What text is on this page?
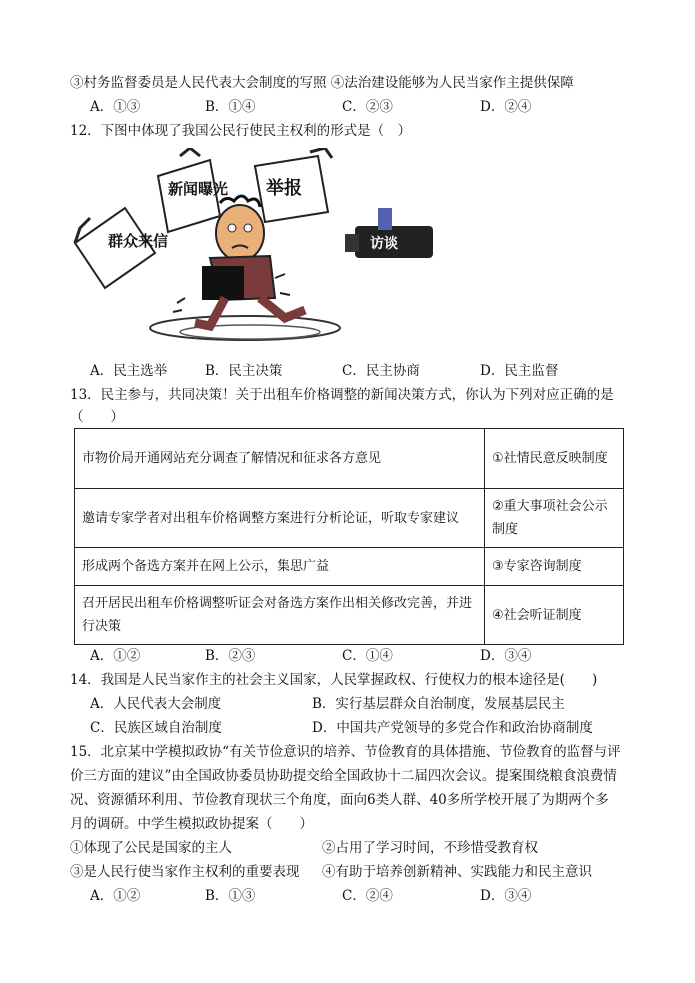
③村务监督委员是人民代表大会制度的写照 ④法治建设能够为人民当家作主提供保障
A．①③	B．①④	C．②③	D．②④
12．下图中体现了我国公民行使民主权利的形式是（　）
群众来信
新闻曝光 举报
访谈
A．民主选举	B．民主决策	C．民主协商	D．民主监督
13．民主参与，共同决策！关于出租车价格调整的新闻决策方式，你认为下列对应正确的是
（　　）
市物价局开通网站充分调查了解情况和征求各方意见	①社情民意反映制度
邀请专家学者对出租车价格调整方案进行分析论证，听取专家建议	②重大事项社会公示制度
形成两个备选方案并在网上公示，集思广益	③专家咨询制度
召开居民出租车价格调整听证会对备选方案作出相关修改完善，并进行决策	④社会听证制度
A．①②	B．②③	C．①④	D．③④
14．我国是人民当家作主的社会主义国家，人民掌握政权、行使权力的根本途径是(　　)
A．人民代表大会制度	B．实行基层群众自治制度，发展基层民主
C．民族区域自治制度	D．中国共产党领导的多党合作和政治协商制度
15．北京某中学模拟政协“有关节俭意识的培养、节俭教育的具体措施、节俭教育的监督与评
价三方面的建议”由全国政协委员协助提交给全国政协十二届四次会议。提案围绕粮食浪费情
况、资源循环利用、节俭教育现状三个角度，面向6类人群、40多所学校开展了为期两个多
月的调研。中学生模拟政协提案（　　）
①体现了公民是国家的主人	②占用了学习时间，不珍惜受教育权
③是人民行使当家作主权利的重要表现 ④有助于培养创新精神、实践能力和民主意识
A．①②	B．①③	C．②④	D．③④
